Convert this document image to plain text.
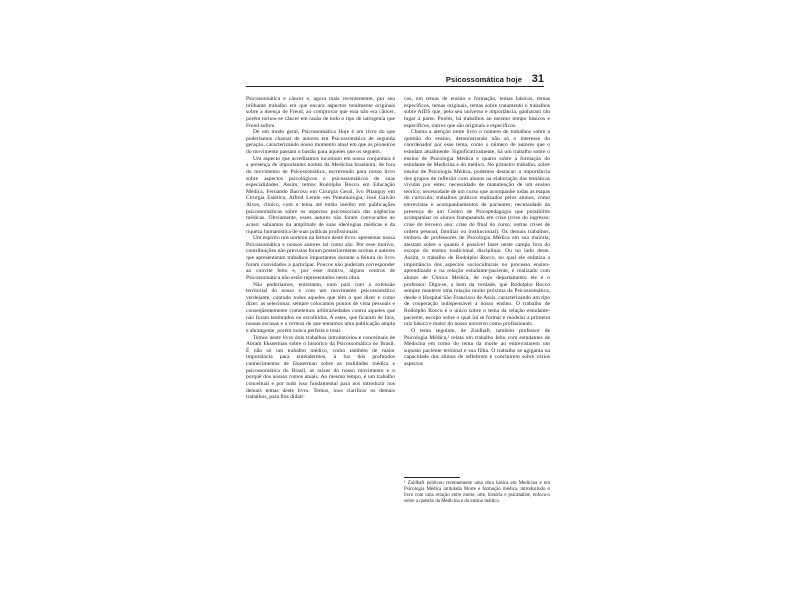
Psicossomática hoje 31

Psicossomática e câncer e, agora mais recentemente, por seu brilhante trabalho em que encara aspectos totalmente originais sobre a doença de Freud, ao comprovar que esta não era câncer, porém tornou-se câncer em razão de todo o tipo de iatrogenia que Freud sofreu.

De um modo geral, Psicossomática Hoje é um livro do que poderíamos chamar de autores em Psicossomática de segunda geração, caracterizando nosso momento atual em que os pioneiros do movimento passam o bastão para aqueles que os seguem.

Um aspecto que acreditamos incomum em nossa conjuntura é a presença de importantes nomes da Medicina brasileira, de fora do movimento de Psicossomática, escrevendo para nosso livro sobre aspectos psicológicos e psicossomáticos de suas especialidades. Assim, temos Rodolpho Rocco em Educação Médica, Fernando Barroso em Cirurgia Geral, Ivo Pitanguy em Cirurgia Estética, Alfred Lemle em Pneumologia, José Galvão Alves, clínico, com o tema até então inédito em publicações psicossomáticas sobre os aspectos psicossociais das urgências médicas. Obviamente, esses autores não foram convocados ao acaso: sabíamos da amplitude de suas ideologias médicas e da riqueza humanística de suas práticas profissionais.

Um espírito nos norteou na feitura deste livro: apresentar nossa Psicossomática e nossos autores tal como são. Por esse motivo, contribuições não previstas foram posteriormente aceitas e autores que apresentaram trabalhos importantes durante a feitura do livro foram convidados a participar. Poucos não puderam corresponder ao convite feito e, por esse motivo, alguns centros de Psicossomática não estão representados nesta obra.

Não poderíamos, entretanto, num país com a extensão territorial do nosso e com um movimento psicossomático verdejante, contudo todos aqueles que têm o que dizer e como dizer: as selecionar, sempre colocamos pontos de vista pessoais e conseqüentemente cometemos arbitrariedades contra aqueles que não foram lembrados ou escolhidos. A estes, que ficaram de fora, nossas escusas e a certeza de que tentamos uma publicação ampla e abrangente, porém nunca perfeita e total.

Temos neste livro dois trabalhos introdutórios e conceituais de Abram Eksterman sobre o histórico da Psicossomática no Brasil. É não só um trabalho médico, como também de maior importância para entendermos, à luz dos profundos conhecimentos de Eksterman sobre as realidades médica e psicossomática do Brasil, as raízes do nosso movimento e o porquê dos nossos rumos atuais. Ao mesmo tempo, é um trabalho conceitual e por tudo isso fundamental para nos introduzir nos demais temas deste livro. Temos, mos clarificar os demais trabalhos, para fins didáti-

cos, em temas de ensino e formação, temas básicos, temas específicos, temas originais, temas sobre tratamento e trabalhos sobre AIDS que, pelo seu universo e importância, ganharam um lugar à parte. Porém, há trabalhos ao mesmo tempo básicos e específicos, outros que são originais e específicos.

Chama a atenção neste livro o número de trabalhos sobre a questão do ensino, demonstrando não só o interesse do coordenador por esse tema, como o número de autores que o estudam atualmente. Significativamente, há um trabalho sobre o ensino de Psicologia Médica e quatro sobre a formação do estudante de Medicina e do médico. No primeiro trabalho, sobre ensino de Psicologia Médica, podemos destacar: a importância dos grupos de reflexão com alunos na elaboração das temáticas vividas por estes; necessidade de manutenção de um ensino teórico; necessidade de um curso que acompanhe todas as etapas do currículo; trabalhos práticos realizados pelos alunos, como entrevistas e acompanhamentos de pacientes; necessidade da presença de um Centro de Psicopedagogia que possibilite acompanhar os alunos franqueando em crise (crise do ingresso; crise do terceiro ano; crise do final do curso; outras crises de ordem pessoal, familiar ou institucional). Os demais trabalhos, embora de professores de Psicologia Médica em sua maioria, atestam sobre o quanto é possível fazer neste campo fora do escopo do ensino tradicional disciplinar. Ou no lado deste. Assim, o trabalho de Rodolpho Rocco, no qual ele enfatiza a importância dos aspectos socioculturais no processo ensino-aprendizado e na relação estudante-paciente, é realizado com alunos de Clínica Médica, de cujo departamento ele é o professor. Diga-se, a bem da verdade, que Rodolpho Rocco sempre manteve uma relação muito próxima da Psicossomática, desde o Hospital São Francisco de Assis, caracterizando um tipo de cooperação indispensável a nosso ensino. O trabalho de Rodolpho Rocco é o único sobre o tema da relação estudante-paciente, escopo sobre o qual irá se formar e modelar a primeira raiz básica e maior do nosso universo como profissionais.

O tema seguinte, de Zaidhaft, também professor de Psicologia Médica,¹ relata um trabalho feito com estudantes de Medicina em torno do tema da morte ao entrevistarem um suposto paciente terminal e sua filha. O trabalho se agiganta na capacidade dos alunos de refletirem e concluírem sobre vários aspectos

¹ Zaidhaft publicou recentemente uma obra básica em Medicina e em Psicologia Médica intitulada Morte e formação médica, introduzindo o livro com uma relação entre morte, arte, história e psicanálise, enfoca-o sobre a questão da Medicina e do ensino médico.
